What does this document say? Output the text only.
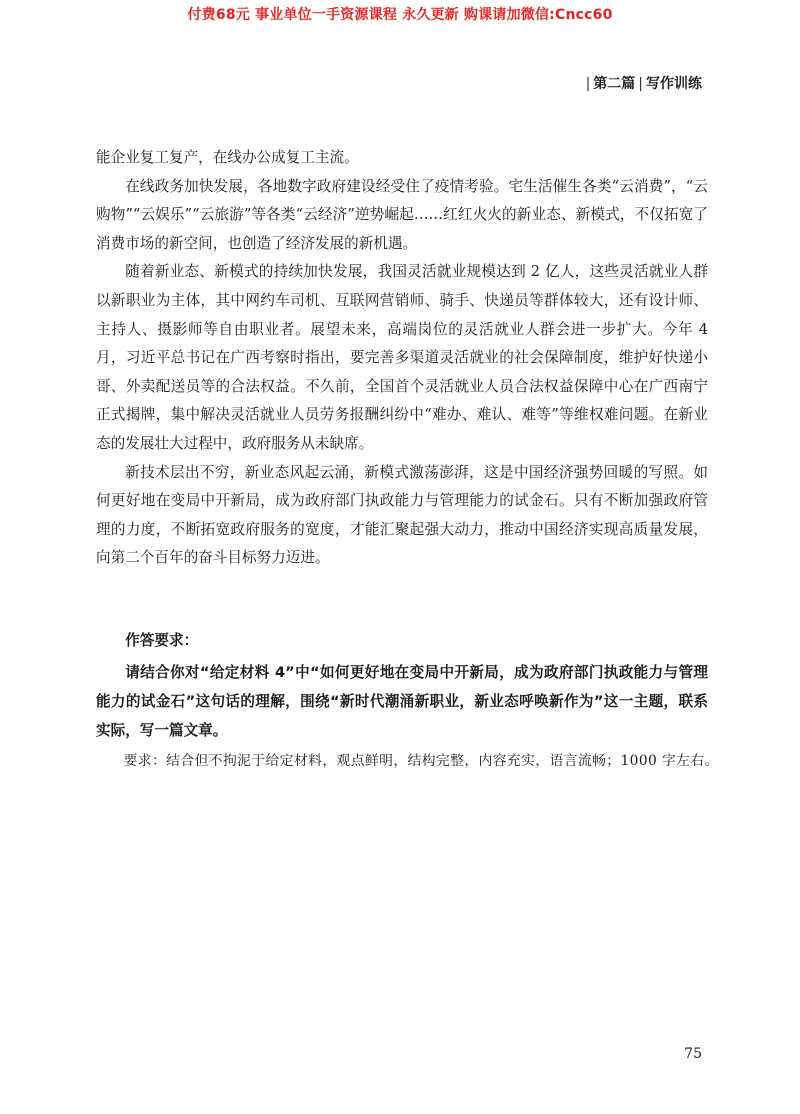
付费68元 事业单位一手资源课程 永久更新 购课请加微信:Cncc60
| 第二篇 | 写作训练

能企业复工复产，在线办公成复工主流。

在线政务加快发展，各地数字政府建设经受住了疫情考验。宅生活催生各类“云消费”，“云购物”“云娱乐”“云旅游”等各类“云经济”逆势崛起……红红火火的新业态、新模式，不仅拓宽了消费市场的新空间，也创造了经济发展的新机遇。

随着新业态、新模式的持续加快发展，我国灵活就业规模达到 2 亿人，这些灵活就业人群以新职业为主体，其中网约车司机、互联网营销师、骑手、快递员等群体较大，还有设计师、主持人、摄影师等自由职业者。展望未来，高端岗位的灵活就业人群会进一步扩大。今年 4 月，习近平总书记在广西考察时指出，要完善多渠道灵活就业的社会保障制度，维护好快递小哥、外卖配送员等的合法权益。不久前，全国首个灵活就业人员合法权益保障中心在广西南宁正式揭牌，集中解决灵活就业人员劳务报酬纠纷中“难办、难认、难等”等维权难问题。在新业态的发展壮大过程中，政府服务从未缺席。

新技术层出不穷，新业态风起云涌，新模式激荡澎湃，这是中国经济强势回暖的写照。如何更好地在变局中开新局，成为政府部门执政能力与管理能力的试金石。只有不断加强政府管理的力度，不断拓宽政府服务的宽度，才能汇聚起强大动力，推动中国经济实现高质量发展，向第二个百年的奋斗目标努力迈进。

作答要求：

请结合你对“给定材料 4”中“如何更好地在变局中开新局，成为政府部门执政能力与管理能力的试金石”这句话的理解，围绕“新时代潮涌新职业，新业态呼唤新作为”这一主题，联系实际，写一篇文章。

要求：结合但不拘泥于给定材料，观点鲜明，结构完整，内容充实，语言流畅；1000 字左右。

75
